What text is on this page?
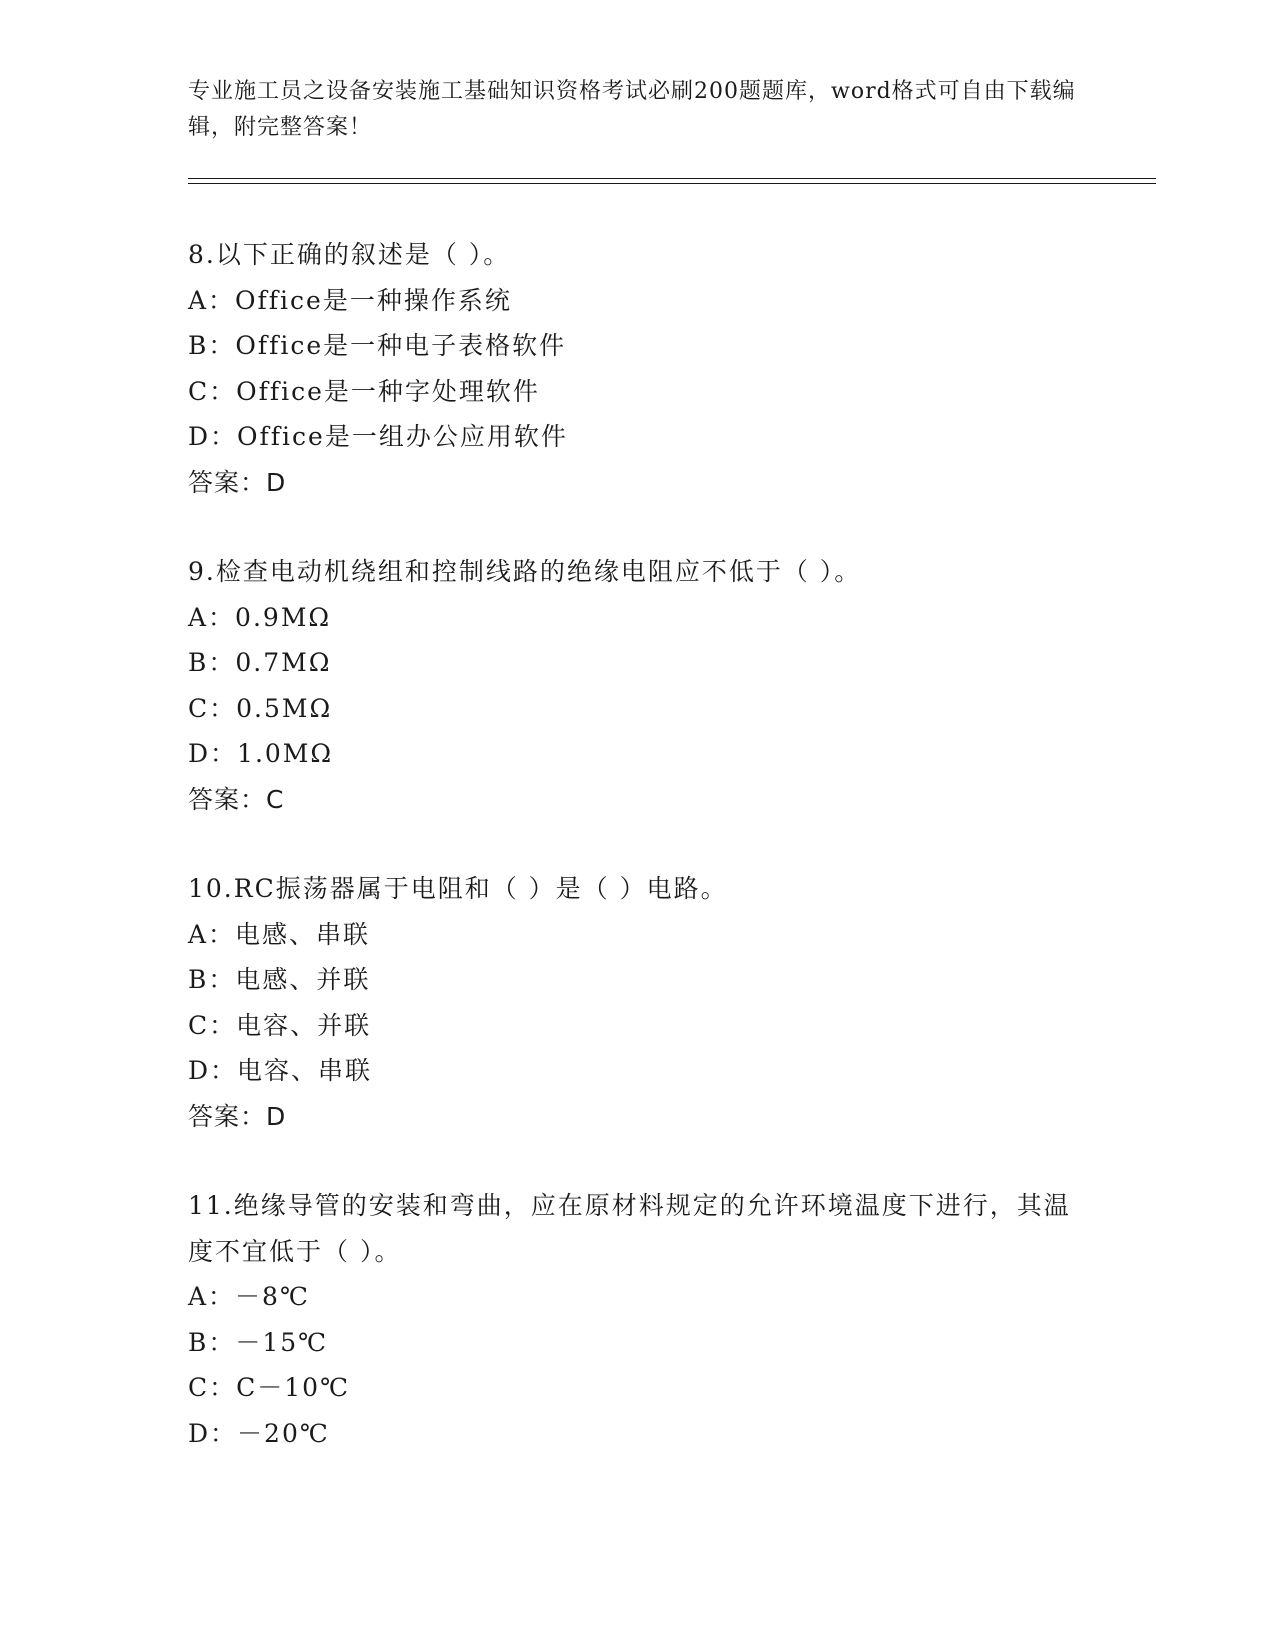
专业施工员之设备安装施工基础知识资格考试必刷200题题库，word格式可自由下载编辑，附完整答案！
8.以下正确的叙述是（ ）。
A：Office是一种操作系统
B：Office是一种电子表格软件
C：Office是一种字处理软件
D：Office是一组办公应用软件
答案：D
9.检查电动机绕组和控制线路的绝缘电阻应不低于（ ）。
A：0.9MΩ
B：0.7MΩ
C：0.5MΩ
D：1.0MΩ
答案：C
10.RC振荡器属于电阻和（ ）是（ ）电路。
A：电感、串联
B：电感、并联
C：电容、并联
D：电容、串联
答案：D
11.绝缘导管的安装和弯曲，应在原材料规定的允许环境温度下进行，其温度不宜低于（ ）。
A：－8℃
B：－15℃
C：C－10℃
D：－20℃
